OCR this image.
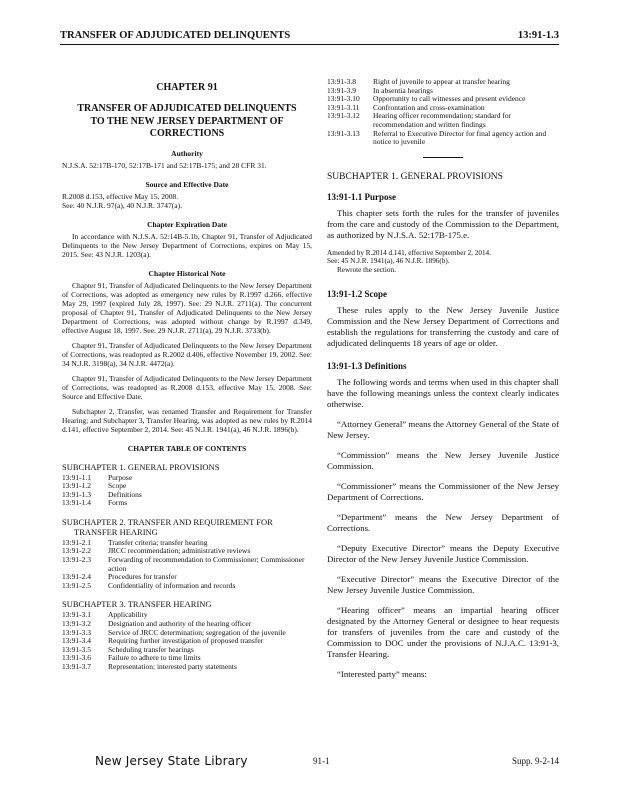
TRANSFER OF ADJUDICATED DELINQUENTS	13:91-1.3
CHAPTER 91
TRANSFER OF ADJUDICATED DELINQUENTS
TO THE NEW JERSEY DEPARTMENT OF
CORRECTIONS
Authority
N.J.S.A. 52:17B-170, 52:17B-171 and 52:17B-175; and 28 CFR 31.
Source and Effective Date
R.2008 d.153, effective May 15, 2008.
See: 40 N.J.R. 97(a), 40 N.J.R. 3747(a).
Chapter Expiration Date
In accordance with N.J.S.A. 52:14B-5.1b, Chapter 91, Transfer of Adjudicated Delinquents to the New Jersey Department of Corrections, expires on May 15, 2015. See: 43 N.J.R. 1203(a).
Chapter Historical Note
Chapter 91, Transfer of Adjudicated Delinquents to the New Jersey Department of Corrections, was adopted as emergency new rules by R.1997 d.266, effective May 29, 1997 (expired July 28, 1997). See: 29 N.J.R. 2711(a). The concurrent proposal of Chapter 91, Transfer of Adjudicated Delinquents to the New Jersey Department of Corrections, was adopted without change by R.1997 d.349, effective August 18, 1997. See: 29 N.J.R. 2711(a), 29 N.J.R. 3733(b).
Chapter 91, Transfer of Adjudicated Delinquents to the New Jersey Department of Corrections, was readopted as R.2002 d.406, effective November 19, 2002. See: 34 N.J.R. 3198(a), 34 N.J.R. 4472(a).
Chapter 91, Transfer of Adjudicated Delinquents to the New Jersey Department of Corrections, was readopted as R.2008 d.153, effective May 15, 2008. See: Source and Effective Date.
Subchapter 2, Transfer, was renamed Transfer and Requirement for Transfer Hearing; and Subchapter 3, Transfer Hearing, was adopted as new rules by R.2014 d.141, effective September 2, 2014. See: 45 N.J.R. 1941(a), 46 N.J.R. 1896(b).
CHAPTER TABLE OF CONTENTS
SUBCHAPTER 1. GENERAL PROVISIONS
13:91-1.1	Purpose
13:91-1.2	Scope
13:91-1.3	Definitions
13:91-1.4	Forms
SUBCHAPTER 2. TRANSFER AND REQUIREMENT FOR
TRANSFER HEARING
13:91-2.1	Transfer criteria; transfer hearing
13:91-2.2	JRCC recommendation; administrative reviews
13:91-2.3	Forwarding of recommendation to Commissioner; Commissioner action
13:91-2.4	Procedures for transfer
13:91-2.5	Confidentiality of information and records
SUBCHAPTER 3. TRANSFER HEARING
13:91-3.1	Applicability
13:91-3.2	Designation and authority of the hearing officer
13:91-3.3	Service of JRCC determination; segregation of the juvenile
13:91-3.4	Requiring further investigation of proposed transfer
13:91-3.5	Scheduling transfer hearings
13:91-3.6	Failure to adhere to time limits
13:91-3.7	Representation; interested party statements
13:91-3.8	Right of juvenile to appear at transfer hearing
13:91-3.9	In absentia hearings
13:91-3.10	Opportunity to call witnesses and present evidence
13:91-3.11	Confrontation and cross-examination
13:91-3.12	Hearing officer recommendation; standard for recommendation and written findings
13:91-3.13	Referral to Executive Director for final agency action and notice to juvenile
SUBCHAPTER 1. GENERAL PROVISIONS
13:91-1.1 Purpose
This chapter sets forth the rules for the transfer of juveniles from the care and custody of the Commission to the Department, as authorized by N.J.S.A. 52:17B-175.e.
Amended by R.2014 d.141, effective September 2, 2014.
See: 45 N.J.R. 1941(a), 46 N.J.R. 1896(b).
Rewrote the section.
13:91-1.2 Scope
These rules apply to the New Jersey Juvenile Justice Commission and the New Jersey Department of Corrections and establish the regulations for transferring the custody and care of adjudicated delinquents 18 years of age or older.
13:91-1.3 Definitions
The following words and terms when used in this chapter shall have the following meanings unless the context clearly indicates otherwise.
“Attorney General” means the Attorney General of the State of New Jersey.
“Commission” means the New Jersey Juvenile Justice Commission.
“Commissioner” means the Commissioner of the New Jersey Department of Corrections.
“Department” means the New Jersey Department of Corrections.
“Deputy Executive Director” means the Deputy Executive Director of the New Jersey Juvenile Justice Commission.
“Executive Director” means the Executive Director of the New Jersey Juvenile Justice Commission.
“Hearing officer” means an impartial hearing officer designated by the Attorney General or designee to hear requests for transfers of juveniles from the care and custody of the Commission to DOC under the provisions of N.J.A.C. 13:91-3, Transfer Hearing.
“Interested party” means:
New Jersey State Library	91-1	Supp. 9-2-14
